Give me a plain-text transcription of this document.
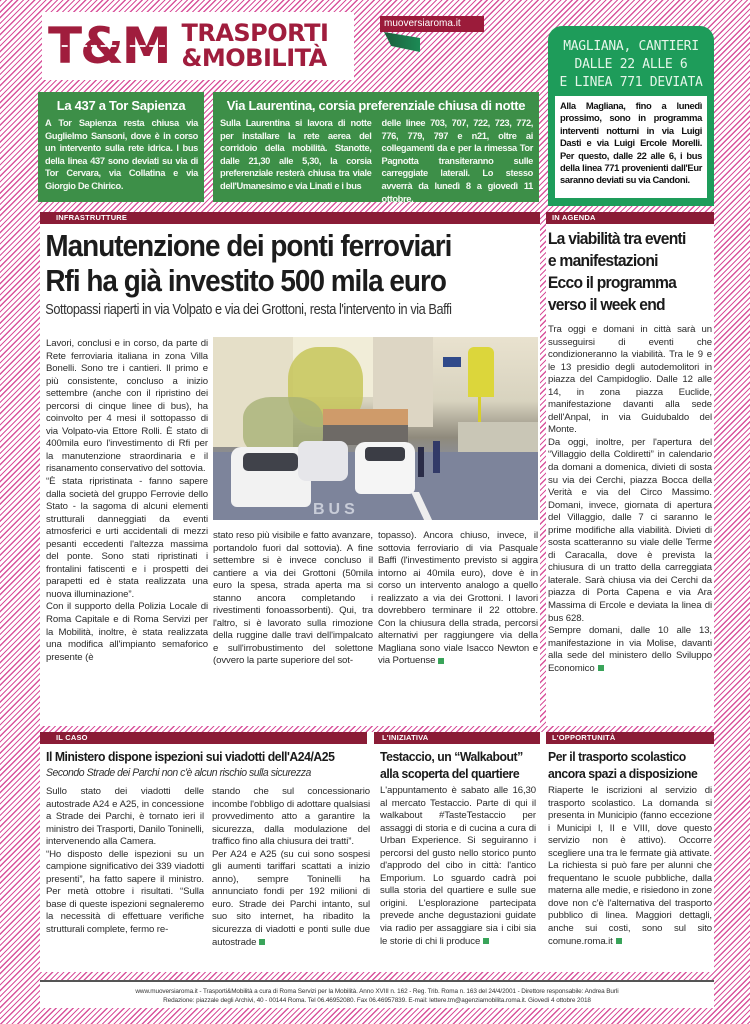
T&M TRASPORTI
&MOBILITÀ
muoversiaroma.it
MAGLIANA, CANTIERI
DALLE 22 ALLE 6
E LINEA 771 DEVIATA
Alla Magliana, fino a lunedì prossimo, sono in programma interventi notturni in via Luigi Dasti e via Luigi Ercole Morelli. Per questo, dalle 22 alle 6, i bus della linea 771 provenienti dall'Eur saranno deviati su via Candoni.
La 437 a Tor Sapienza
A Tor Sapienza resta chiusa via Guglielmo Sansoni, dove è in corso un intervento sulla rete idrica. I bus della linea 437 sono deviati su via di Tor Cervara, via Collatina e via Giorgio De Chirico.
Via Laurentina, corsia preferenziale chiusa di notte
Sulla Laurentina si lavora di notte per installare la rete aerea del corridoio della mobilità. Stanotte, dalle 21,30 alle 5,30, la corsia preferenziale resterà chiusa tra viale dell'Umanesimo e via Linati e i bus
delle linee 703, 707, 722, 723, 772, 776, 779, 797 e n21, oltre ai collegamenti da e per la rimessa Tor Pagnotta transiteranno sulle carreggiate laterali. Lo stesso avverrà da lunedì 8 a giovedì 11 ottobre.
INFRASTRUTTURE
Manutenzione dei ponti ferroviari
Rfi ha già investito 500 mila euro
Sottopassi riaperti in via Volpato e via dei Grottoni, resta l'intervento in via Baffi

Lavori, conclusi e in corso, da parte di Rete ferroviaria italiana in zona Villa Bonelli. Sono tre i cantieri. Il primo e più consistente, concluso a inizio settembre (anche con il ripristino dei percorsi di cinque linee di bus), ha coinvolto per 4 mesi il sottopasso di via Volpato-via Ettore Rolli. È stato di 400mila euro l'investimento di Rfi per la manutenzione straordinaria e il risanamento conservativo del sottovia.

“È stata ripristinata - fanno sapere dalla società del gruppo Ferrovie dello Stato - la sagoma di alcuni elementi strutturali danneggiati da eventi atmosferici e urti accidentali di mezzi pesanti eccedenti l'altezza massima del ponte. Sono stati ripristinati i frontalini fatiscenti e i prospetti dei parapetti ed è stata realizzata una nuova illuminazione”.

Con il supporto della Polizia Locale di Roma Capitale e di Roma Servizi per la Mobilità, inoltre, è stata realizzata una modifica all'impianto semaforico presente (è

BUS

stato reso più visibile e fatto avanzare, portandolo fuori dal sottovia). A fine settembre si è invece concluso il cantiere a via dei Grottoni (50mila euro la spesa, strada aperta ma si stanno ancora completando i rivestimenti fonoassorbenti). Qui, tra l'altro, si è lavorato sulla rimozione della ruggine dalle travi dell'impalcato e sull'irrobustimento del solettone (ovvero la parte superiore del sot-

topasso). Ancora chiuso, invece, il sottovia ferroviario di via Pasquale Baffi (l'investimento previsto si aggira intorno ai 40mila euro), dove è in corso un intervento analogo a quello realizzato a via dei Grottoni. I lavori dovrebbero terminare il 22 ottobre. Con la chiusura della strada, percorsi alternativi per raggiungere via della Magliana sono viale Isacco Newton e via Portuense

IN AGENDA
La viabilità tra eventi
e manifestazioni
Ecco il programma
verso il week end

Tra oggi e domani in città sarà un susseguirsi di eventi che condizioneranno la viabilità. Tra le 9 e le 13 presidio degli autodemolitori in piazza del Campidoglio. Dalle 12 alle 14, in zona piazza Euclide, manifestazione davanti alla sede dell'Anpal, in via Guidubaldo del Monte.

Da oggi, inoltre, per l'apertura del “Villaggio della Coldiretti” in calendario da domani a domenica, divieti di sosta su via dei Cerchi, piazza Bocca della Verità e via del Circo Massimo. Domani, invece, giornata di apertura del Villaggio, dalle 7 ci saranno le prime modifiche alla viabilità. Divieti di sosta scatteranno su viale delle Terme di Caracalla, dove è prevista la chiusura di un tratto della carreggiata laterale. Sarà chiusa via dei Cerchi da piazza di Porta Capena e via Ara Massima di Ercole e deviata la linea di bus 628.

Sempre domani, dalle 10 alle 13, manifestazione in via Molise, davanti alla sede del ministero dello Sviluppo Economico

IL CASO
Il Ministero dispone ispezioni sui viadotti dell'A24/A25
Secondo Strade dei Parchi non c'è alcun rischio sulla sicurezza

Sullo stato dei viadotti delle autostrade A24 e A25, in concessione a Strade dei Parchi, è tornato ieri il ministro dei Trasporti, Danilo Toninelli, intervenendo alla Camera.

“Ho disposto delle ispezioni su un campione significativo dei 339 viadotti presenti”, ha fatto sapere il ministro. Per metà ottobre i risultati. “Sulla base di queste ispezioni segnaleremo la necessità di effettuare verifiche strutturali complete, fermo re-

stando che sul concessionario incombe l'obbligo di adottare qualsiasi provvedimento atto a garantire la sicurezza, dalla modulazione del traffico fino alla chiusura dei tratti”.

Per A24 e A25 (su cui sono sospesi gli aumenti tariffari scattati a inizio anno), sempre Toninelli ha annunciato fondi per 192 milioni di euro. Strade dei Parchi intanto, sul suo sito internet, ha ribadito la sicurezza di viadotti e ponti sulle due autostrade

L'INIZIATIVA
Testaccio, un “Walkabout”
alla scoperta del quartiere

L'appuntamento è sabato alle 16,30 al mercato Testaccio. Parte di qui il walkabout #TasteTestaccio per assaggi di storia e di cucina a cura di Urban Experience. Si seguiranno i percorsi del gusto nello storico punto d'approdo del cibo in città: l'antico Emporium. Lo sguardo cadrà poi sulla storia del quartiere e sulle sue origini. L'esplorazione partecipata prevede anche degustazioni guidate via radio per assaggiare sia i cibi sia le storie di chi li produce

L'OPPORTUNITÀ
Per il trasporto scolastico
ancora spazi a disposizione

Riaperte le iscrizioni al servizio di trasporto scolastico. La domanda si presenta in Municipio (fanno eccezione i Municipi I, II e VIII, dove questo servizio non è attivo). Occorre scegliere una tra le fermate già attivate. La richiesta si può fare per alunni che frequentano le scuole pubbliche, dalla materna alle medie, e risiedono in zone dove non c'è l'alternativa del trasporto pubblico di linea. Maggiori dettagli, anche sui costi, sono sul sito comune.roma.it

www.muoversiaroma.it - Trasporti&Mobilità a cura di Roma Servizi per la Mobilità. Anno XVIII n. 162 - Reg. Trib. Roma n. 163 del 24/4/2001 - Direttore responsabile: Andrea Burli
Redazione: piazzale degli Archivi, 40 - 00144 Roma. Tel 06.46952080. Fax 06.46957839. E-mail: lettere.tm@agenziamobilita.roma.it. Giovedì 4 ottobre 2018
